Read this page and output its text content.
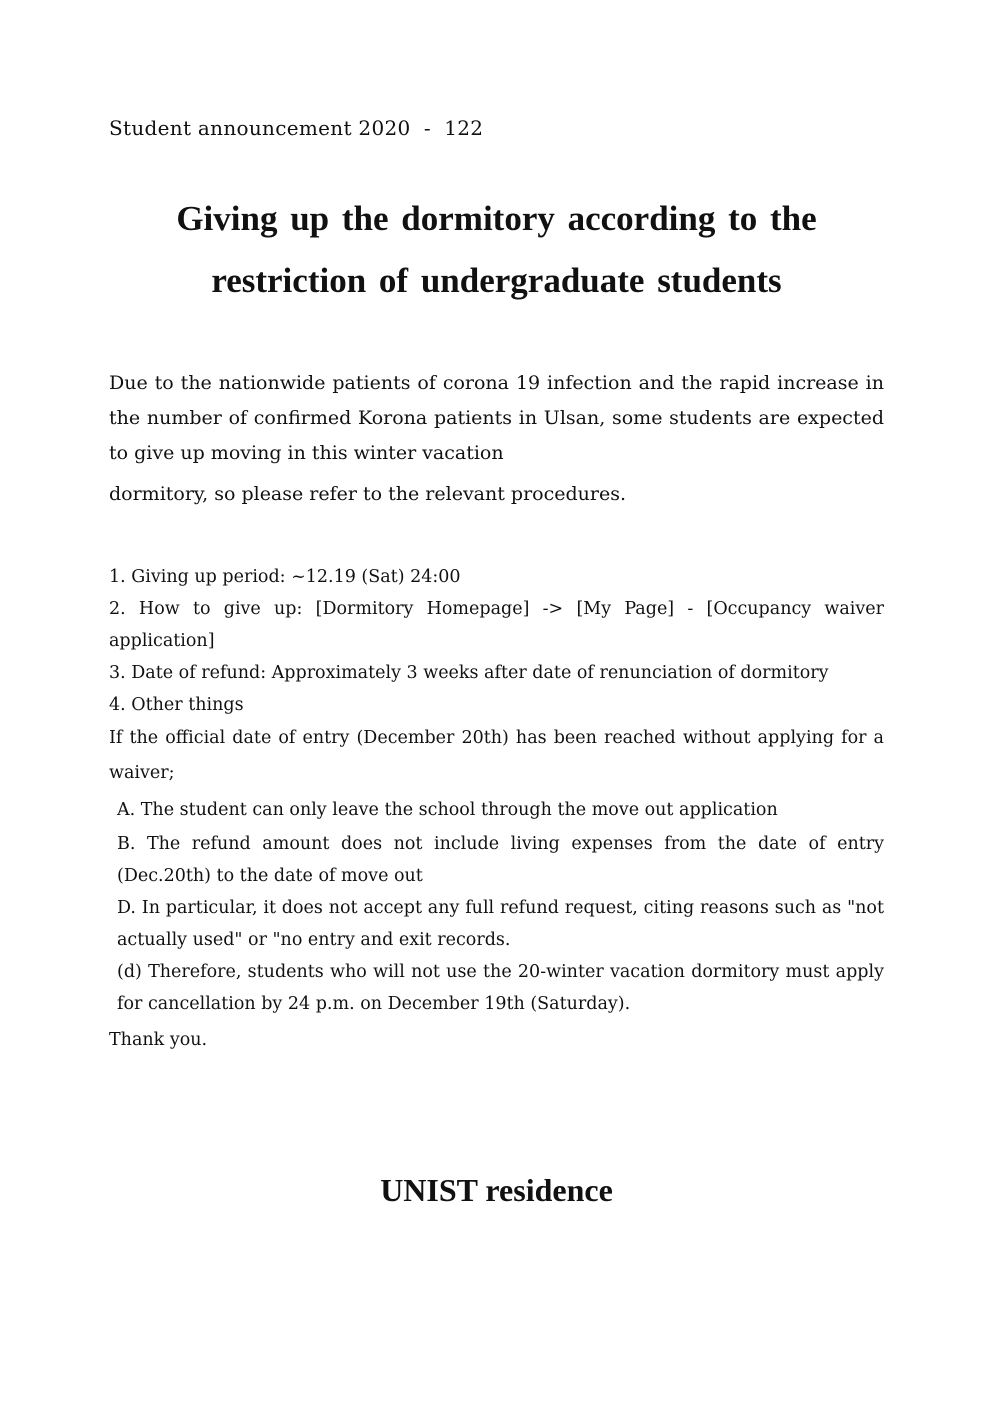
Student announcement 2020  -  122
Giving up the dormitory according to the
restriction of undergraduate students

Due to the nationwide patients of corona 19 infection and the rapid increase in the number of confirmed Korona patients in Ulsan, some students are expected to give up moving in this winter vacation

dormitory, so please refer to the relevant procedures.

1. Giving up period: ~12.19 (Sat) 24:00

2. How to give up: [Dormitory Homepage] -> [My Page] - [Occupancy waiver application]

3. Date of refund: Approximately 3 weeks after date of renunciation of dormitory

4. Other things

If the official date of entry (December 20th) has been reached without applying for a waiver;

A. The student can only leave the school through the move out application

B. The refund amount does not include living expenses from the date of entry (Dec.20th) to the date of move out

D. In particular, it does not accept any full refund request, citing reasons such as "not actually used" or "no entry and exit records.

(d) Therefore, students who will not use the 20-winter vacation dormitory must apply for cancellation by 24 p.m. on December 19th (Saturday).

Thank you.

UNIST residence
